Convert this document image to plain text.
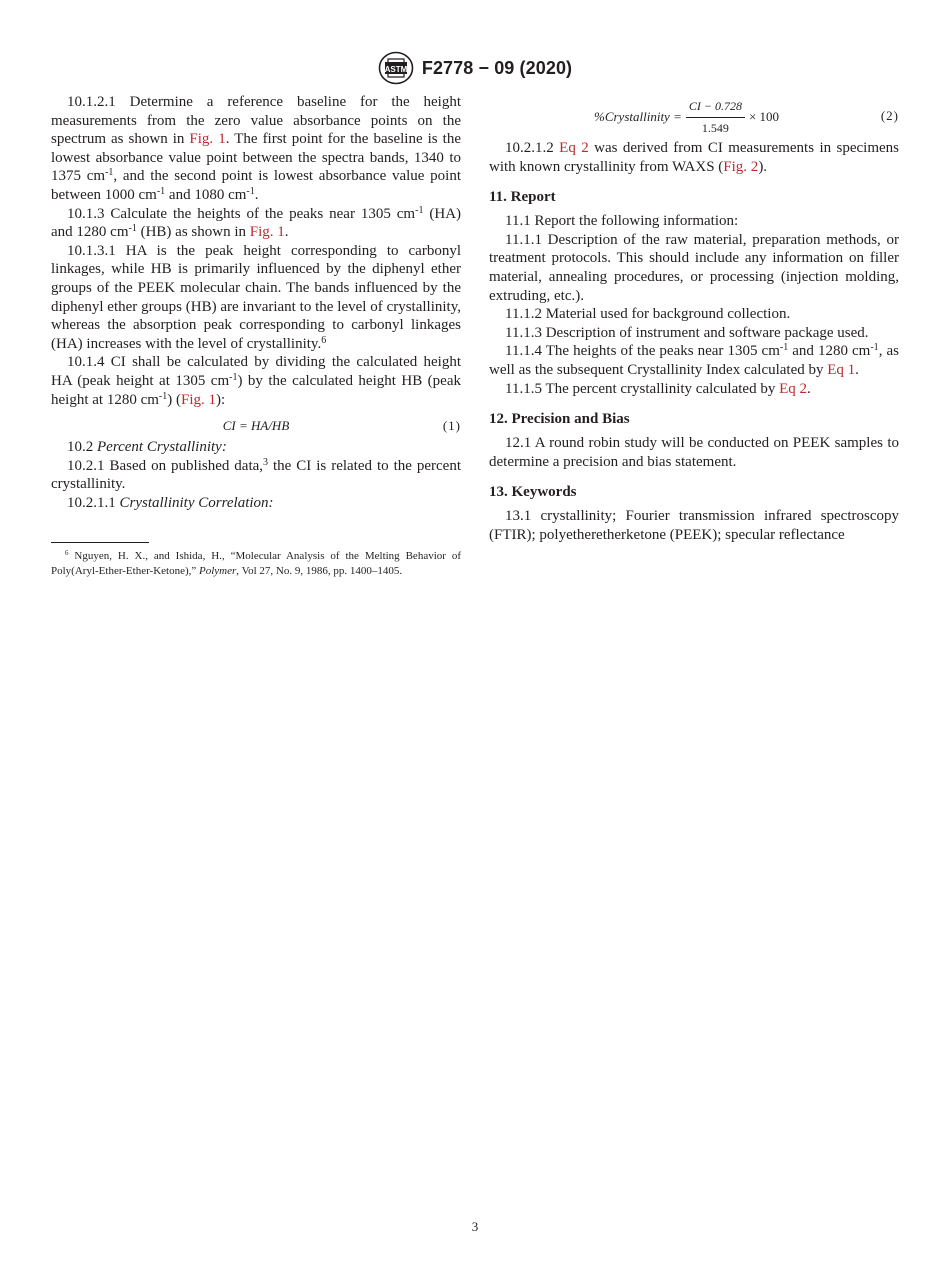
ASTM F2778 − 09 (2020)

10.1.2.1 Determine a reference baseline for the height measurements from the zero value absorbance points on the spectrum as shown in Fig. 1. The first point for the baseline is the lowest absorbance value point between the spectra bands, 1340 to 1375 $cm^{-1}$, and the second point is lowest absorbance value point between 1000 $cm^{-1}$ and 1080 $cm^{-1}$.

10.1.3 Calculate the heights of the peaks near 1305 $cm^{-1}$ (HA) and 1280 $cm^{-1}$ (HB) as shown in Fig. 1.

10.1.3.1 HA is the peak height corresponding to carbonyl linkages, while HB is primarily influenced by the diphenyl ether groups of the PEEK molecular chain. The bands influenced by the diphenyl ether groups (HB) are invariant to the level of crystallinity, whereas the absorption peak corresponding to carbonyl linkages (HA) increases with the level of crystallinity.$^6$

10.1.4 CI shall be calculated by dividing the calculated height HA (peak height at 1305 $cm^{-1}$) by the calculated height HB (peak height at 1280 $cm^{-1}$) (Fig. 1):

CI = HA/HB	(1)

10.2 Percent Crystallinity:

10.2.1 Based on published data,$^3$ the CI is related to the percent crystallinity.

10.2.1.1 Crystallinity Correlation:

$^6$ Nguyen, H. X., and Ishida, H., “Molecular Analysis of the Melting Behavior of Poly(Aryl-Ether-Ether-Ketone),” Polymer, Vol 27, No. 9, 1986, pp. 1400–1405.

%Crystallinity = $\frac{CI - 0.728}{1.549} \times 100$	(2)

10.2.1.2 Eq 2 was derived from CI measurements in specimens with known crystallinity from WAXS (Fig. 2).

11. Report

11.1 Report the following information:

11.1.1 Description of the raw material, preparation methods, or treatment protocols. This should include any information on filler material, annealing procedures, or processing (injection molding, extruding, etc.).

11.1.2 Material used for background collection.

11.1.3 Description of instrument and software package used.

11.1.4 The heights of the peaks near 1305 $cm^{-1}$ and 1280 $cm^{-1}$, as well as the subsequent Crystallinity Index calculated by Eq 1.

11.1.5 The percent crystallinity calculated by Eq 2.

12. Precision and Bias

12.1 A round robin study will be conducted on PEEK samples to determine a precision and bias statement.

13. Keywords

13.1 crystallinity; Fourier transmission infrared spectroscopy (FTIR); polyetheretherketone (PEEK); specular reflectance

3
